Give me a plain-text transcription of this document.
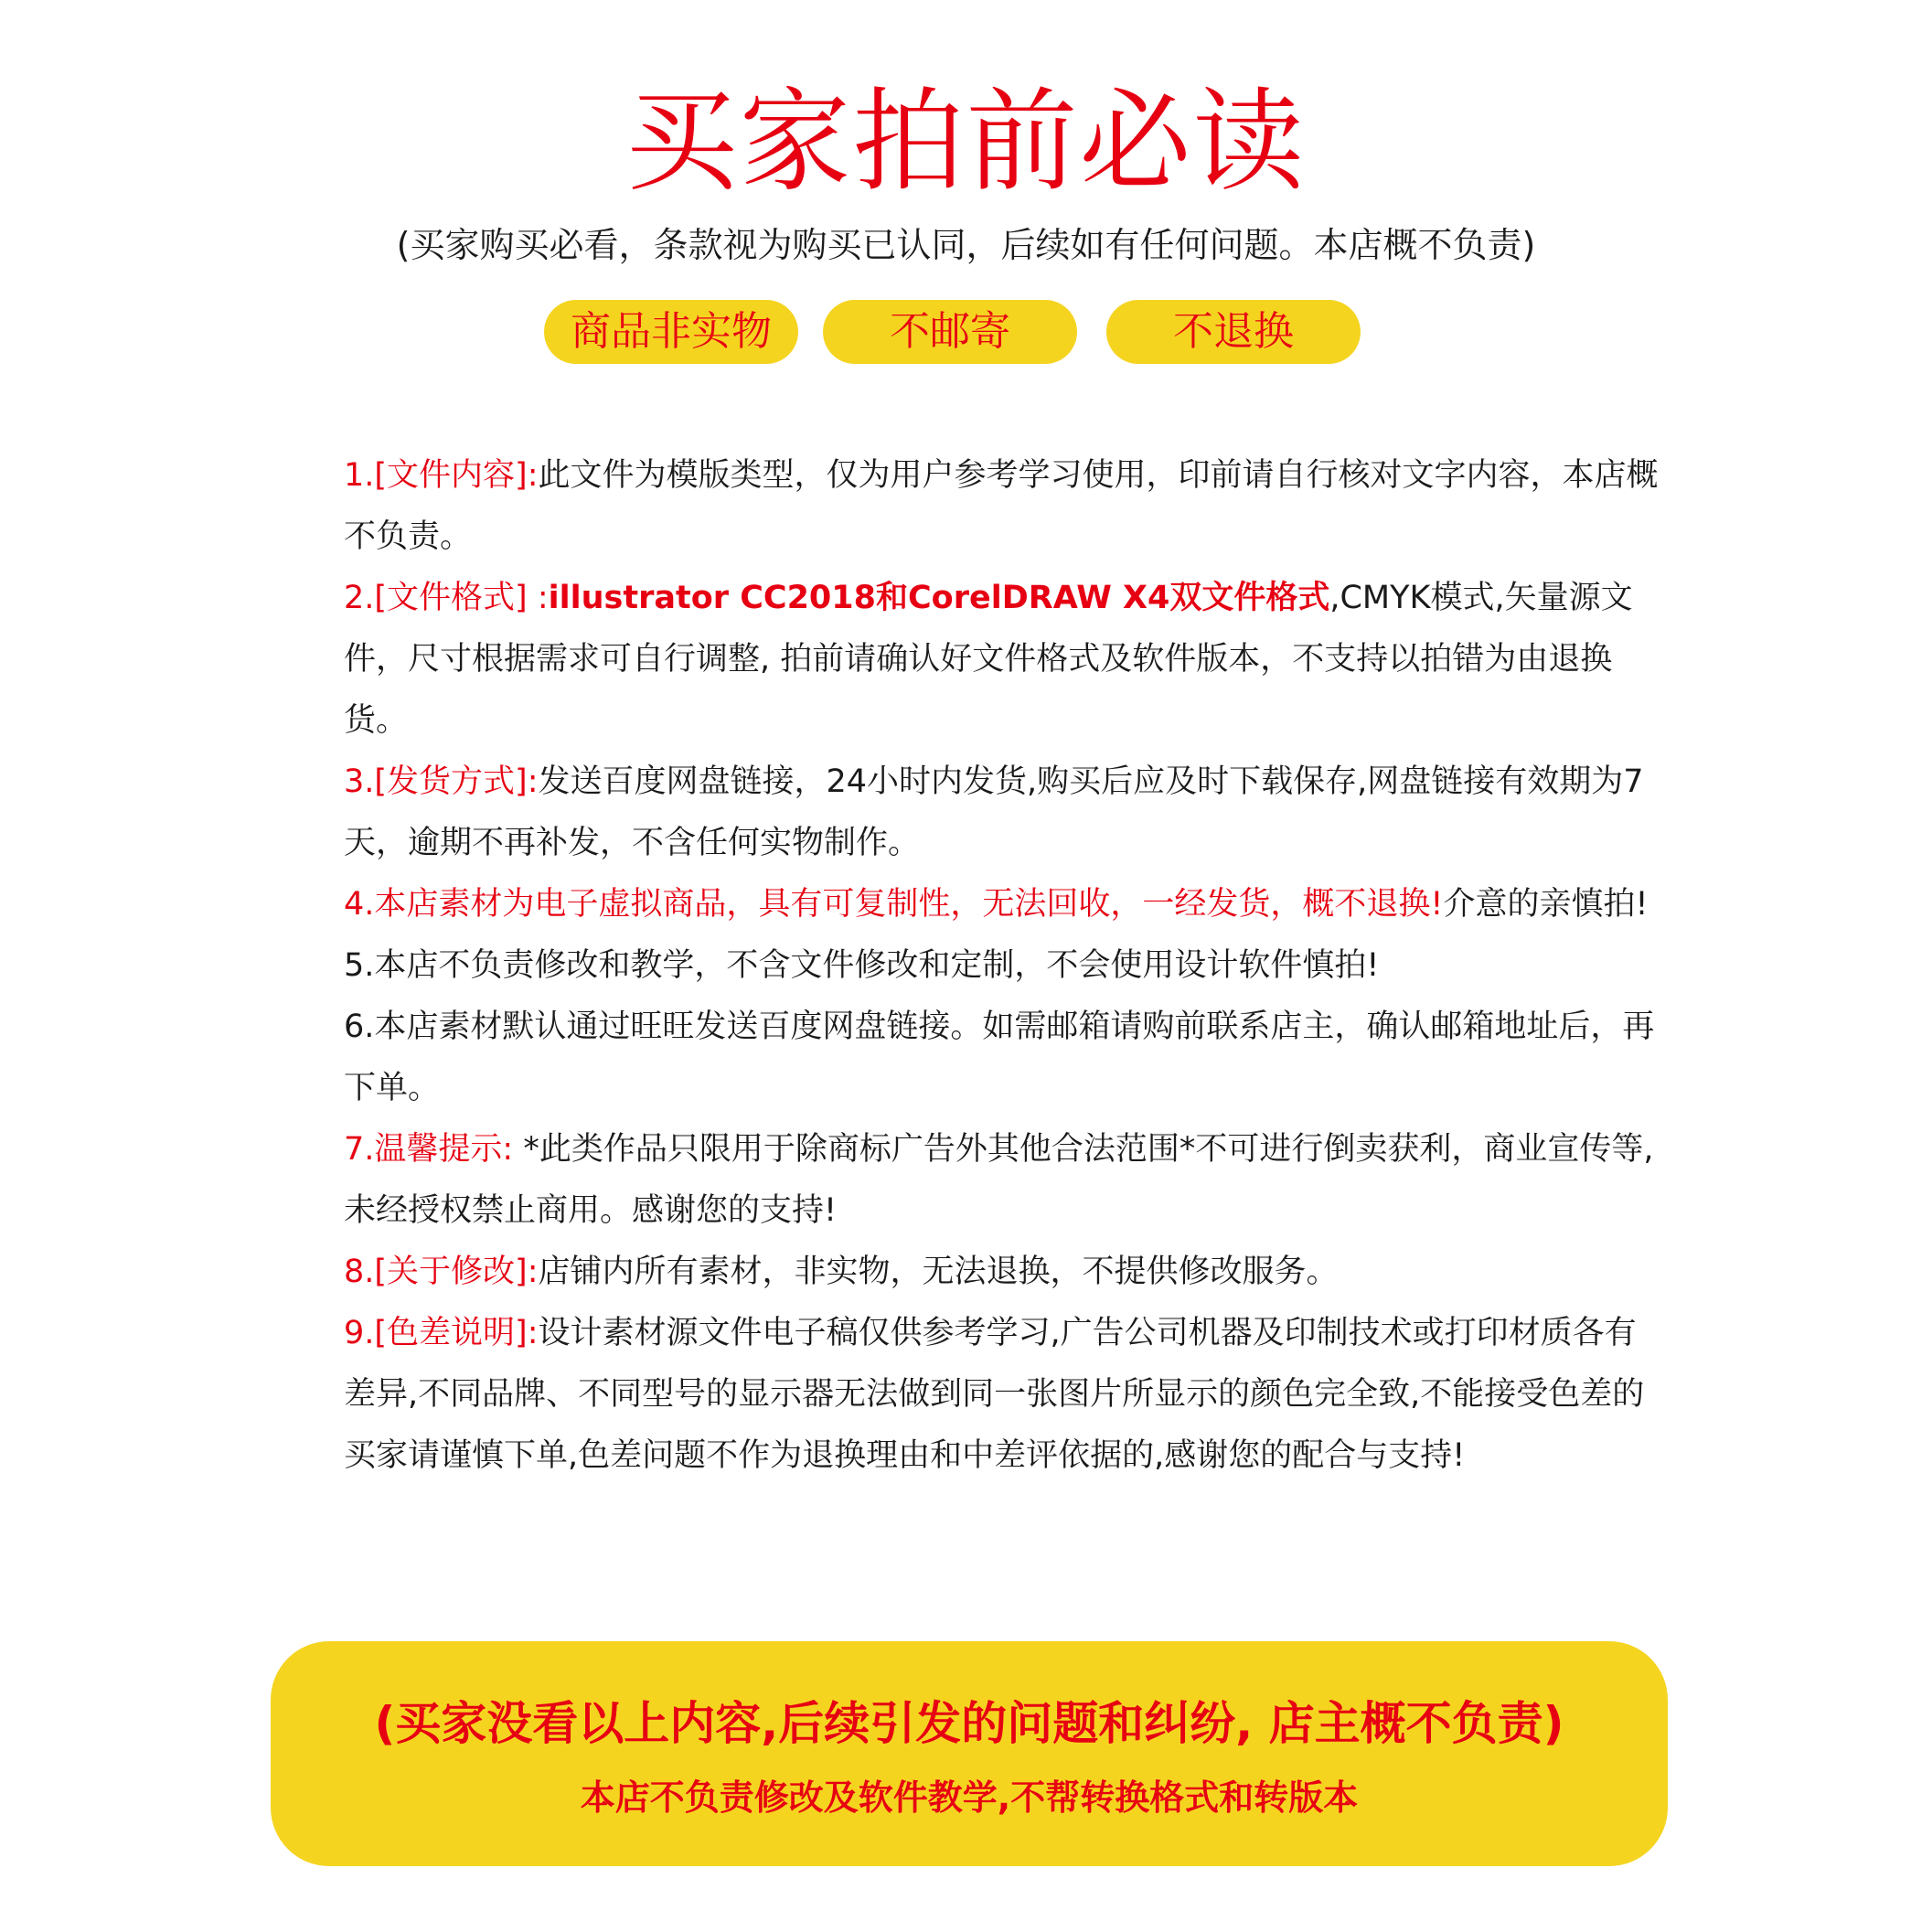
买家拍前必读
(买家购买必看，条款视为购买已认同，后续如有任何问题。本店概不负责)
商品非实物	不邮寄	不退换

1.[文件内容]:此文件为模版类型，仅为用户参考学习使用，印前请自行核对文字内容，本店概不负责。

2.[文件格式] :illustrator CC2018和CorelDRAW X4双文件格式,CMYK模式,矢量源文件，尺寸根据需求可自行调整, 拍前请确认好文件格式及软件版本，不支持以拍错为由退换货。

3.[发货方式]:发送百度网盘链接，24小时内发货,购买后应及时下载保存,网盘链接有效期为7天，逾期不再补发，不含任何实物制作。

4.本店素材为电子虚拟商品，具有可复制性，无法回收，一经发货，概不退换!介意的亲慎拍!

5.本店不负责修改和教学，不含文件修改和定制，不会使用设计软件慎拍!

6.本店素材默认通过旺旺发送百度网盘链接。如需邮箱请购前联系店主，确认邮箱地址后，再下单。

7.温馨提示: *此类作品只限用于除商标广告外其他合法范围*不可进行倒卖获利，商业宣传等,未经授权禁止商用。感谢您的支持!

8.[关于修改]:店铺内所有素材，非实物，无法退换，不提供修改服务。

9.[色差说明]:设计素材源文件电子稿仅供参考学习,广告公司机器及印制技术或打印材质各有差异,不同品牌、不同型号的显示器无法做到同一张图片所显示的颜色完全致,不能接受色差的买家请谨慎下单,色差问题不作为退换理由和中差评依据的,感谢您的配合与支持!

(买家没看以上内容,后续引发的问题和纠纷, 店主概不负责)
本店不负责修改及软件教学,不帮转换格式和转版本
